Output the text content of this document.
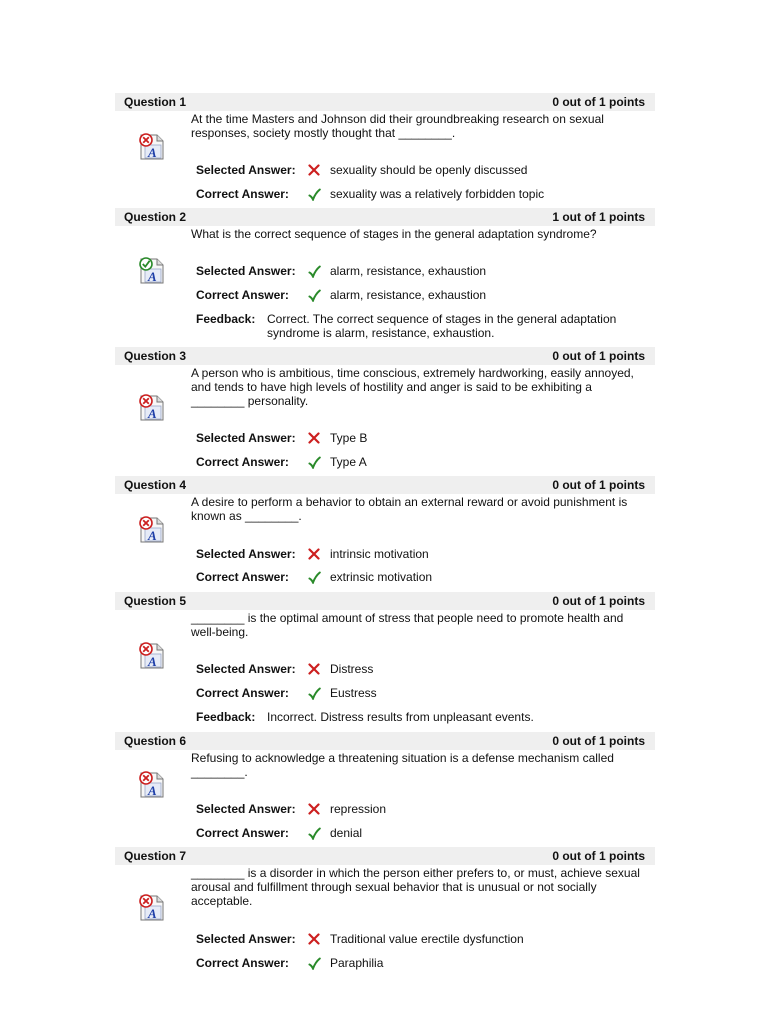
Question 1	0 out of 1 points
At the time Masters and Johnson did their groundbreaking research on sexual responses, society mostly thought that ________.
A
Selected Answer:	sexuality should be openly discussed
Correct Answer:	sexuality was a relatively forbidden topic
Question 2	1 out of 1 points
What is the correct sequence of stages in the general adaptation syndrome?
A	Selected Answer:	alarm, resistance, exhaustion
Correct Answer:	alarm, resistance, exhaustion
Feedback: Correct. The correct sequence of stages in the general adaptation syndrome is alarm, resistance, exhaustion.
Question 3	0 out of 1 points
A person who is ambitious, time conscious, extremely hardworking, easily annoyed, and tends to have high levels of hostility and anger is said to be exhibiting a ________ personality.
A
Selected Answer:	Type B
Correct Answer:	Type A
Question 4	0 out of 1 points
A desire to perform a behavior to obtain an external reward or avoid punishment is known as ________.
A
Selected Answer:	intrinsic motivation
Correct Answer:	extrinsic motivation
Question 5	0 out of 1 points
________ is the optimal amount of stress that people need to promote health and well-being.
A	Selected Answer:	Distress
Correct Answer:	Eustress
Feedback: Incorrect. Distress results from unpleasant events.
Question 6	0 out of 1 points
Refusing to acknowledge a threatening situation is a defense mechanism called ________.
A
Selected Answer:	repression
Correct Answer:	denial
Question 7	0 out of 1 points
________ is a disorder in which the person either prefers to, or must, achieve sexual arousal and fulfillment through sexual behavior that is unusual or not socially acceptable.
A
Selected Answer:	Traditional value erectile dysfunction
Correct Answer:	Paraphilia
